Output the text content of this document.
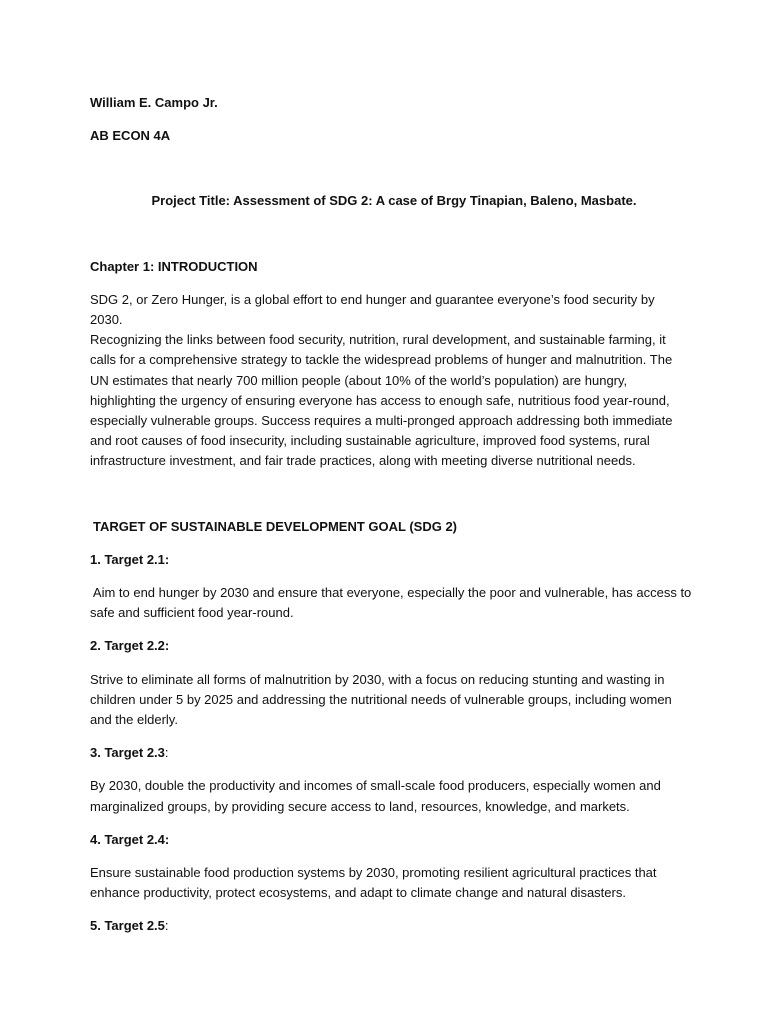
William E. Campo Jr.

AB ECON 4A

Project Title: Assessment of SDG 2: A case of Brgy Tinapian, Baleno, Masbate.

Chapter 1: INTRODUCTION

SDG 2, or Zero Hunger, is a global effort to end hunger and guarantee everyone’s food security by 2030.
Recognizing the links between food security, nutrition, rural development, and sustainable farming, it
calls for a comprehensive strategy to tackle the widespread problems of hunger and malnutrition. The
UN estimates that nearly 700 million people (about 10% of the world’s population) are hungry,
highlighting the urgency of ensuring everyone has access to enough safe, nutritious food year-round,
especially vulnerable groups. Success requires a multi-pronged approach addressing both immediate
and root causes of food insecurity, including sustainable agriculture, improved food systems, rural
infrastructure investment, and fair trade practices, along with meeting diverse nutritional needs.

TARGET OF SUSTAINABLE DEVELOPMENT GOAL (SDG 2)

1. Target 2.1:

Aim to end hunger by 2030 and ensure that everyone, especially the poor and vulnerable, has access to
safe and sufficient food year-round.

2. Target 2.2:

Strive to eliminate all forms of malnutrition by 2030, with a focus on reducing stunting and wasting in
children under 5 by 2025 and addressing the nutritional needs of vulnerable groups, including women
and the elderly.

3. Target 2.3:

By 2030, double the productivity and incomes of small-scale food producers, especially women and
marginalized groups, by providing secure access to land, resources, knowledge, and markets.

4. Target 2.4:

Ensure sustainable food production systems by 2030, promoting resilient agricultural practices that
enhance productivity, protect ecosystems, and adapt to climate change and natural disasters.

5. Target 2.5:
